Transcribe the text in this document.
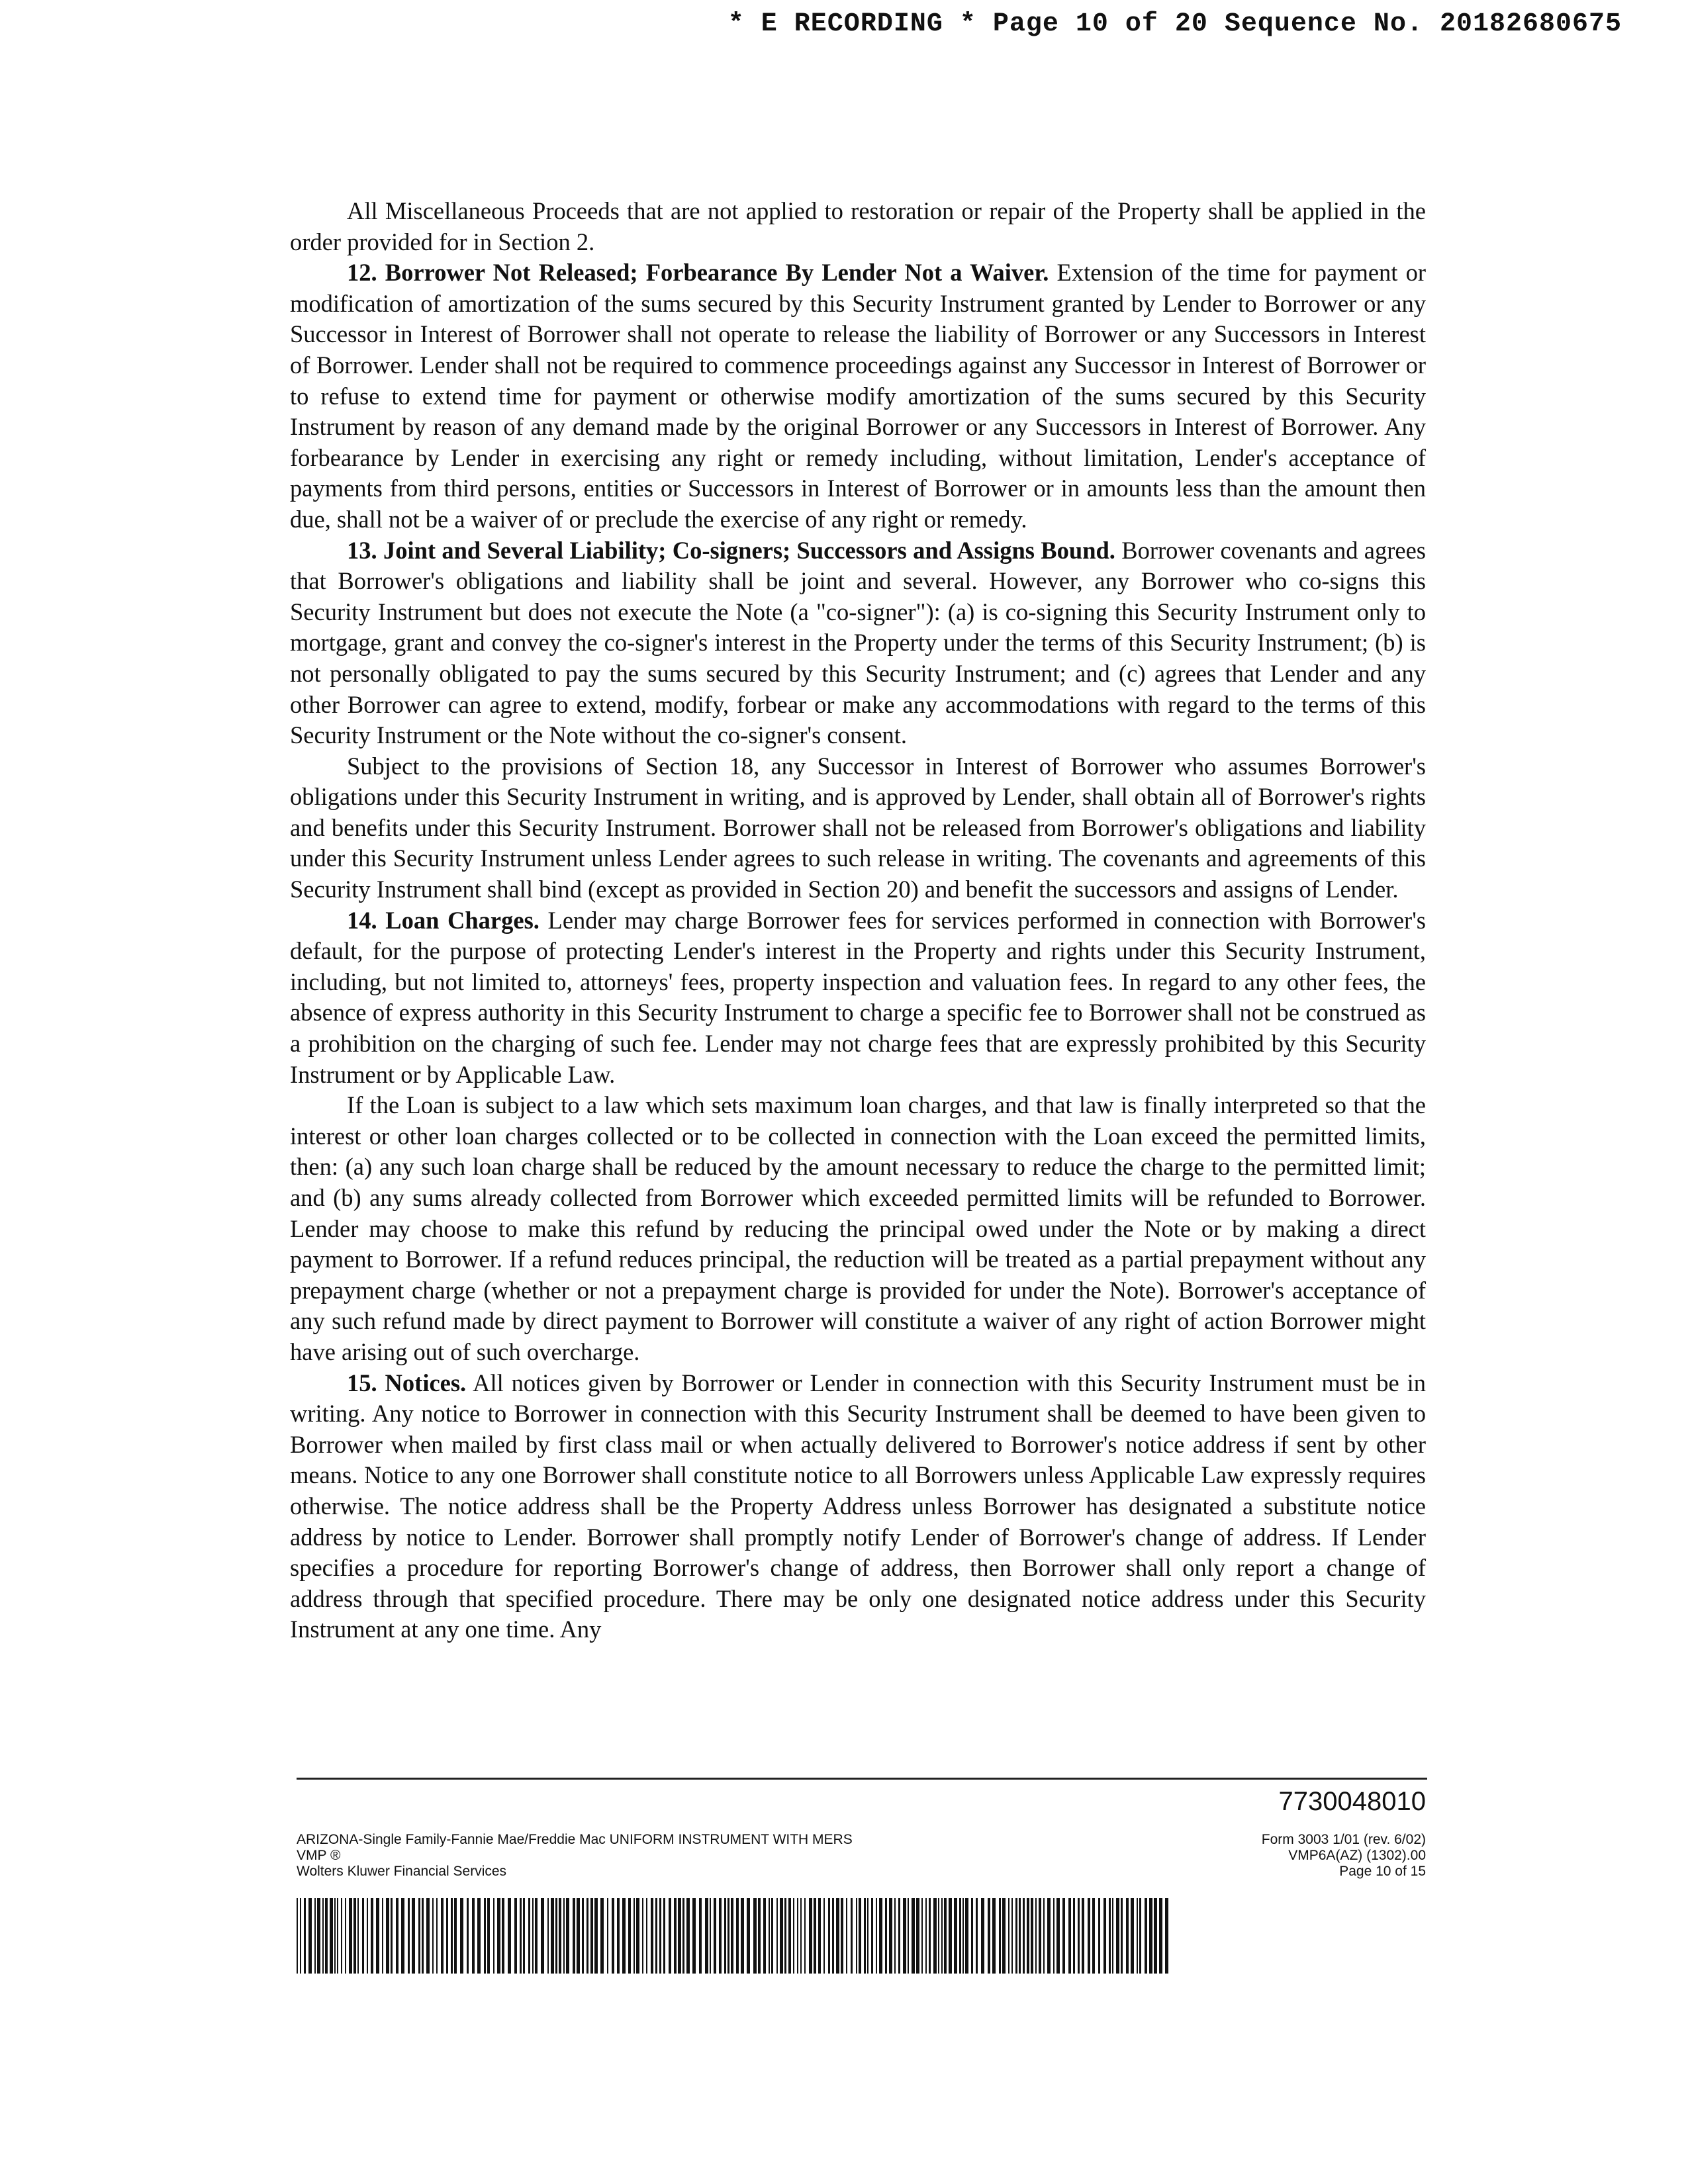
* E RECORDING * Page 10 of 20 Sequence No. 20182680675

All Miscellaneous Proceeds that are not applied to restoration or repair of the Property shall be applied in the order provided for in Section 2.

12. Borrower Not Released; Forbearance By Lender Not a Waiver. Extension of the time for payment or modification of amortization of the sums secured by this Security Instrument granted by Lender to Borrower or any Successor in Interest of Borrower shall not operate to release the liability of Borrower or any Successors in Interest of Borrower. Lender shall not be required to commence proceedings against any Successor in Interest of Borrower or to refuse to extend time for payment or otherwise modify amortization of the sums secured by this Security Instrument by reason of any demand made by the original Borrower or any Successors in Interest of Borrower. Any forbearance by Lender in exercising any right or remedy including, without limitation, Lender's acceptance of payments from third persons, entities or Successors in Interest of Borrower or in amounts less than the amount then due, shall not be a waiver of or preclude the exercise of any right or remedy.

13. Joint and Several Liability; Co-signers; Successors and Assigns Bound. Borrower covenants and agrees that Borrower's obligations and liability shall be joint and several. However, any Borrower who co-signs this Security Instrument but does not execute the Note (a "co-signer"): (a) is co-signing this Security Instrument only to mortgage, grant and convey the co-signer's interest in the Property under the terms of this Security Instrument; (b) is not personally obligated to pay the sums secured by this Security Instrument; and (c) agrees that Lender and any other Borrower can agree to extend, modify, forbear or make any accommodations with regard to the terms of this Security Instrument or the Note without the co-signer's consent.

Subject to the provisions of Section 18, any Successor in Interest of Borrower who assumes Borrower's obligations under this Security Instrument in writing, and is approved by Lender, shall obtain all of Borrower's rights and benefits under this Security Instrument. Borrower shall not be released from Borrower's obligations and liability under this Security Instrument unless Lender agrees to such release in writing. The covenants and agreements of this Security Instrument shall bind (except as provided in Section 20) and benefit the successors and assigns of Lender.

14. Loan Charges. Lender may charge Borrower fees for services performed in connection with Borrower's default, for the purpose of protecting Lender's interest in the Property and rights under this Security Instrument, including, but not limited to, attorneys' fees, property inspection and valuation fees. In regard to any other fees, the absence of express authority in this Security Instrument to charge a specific fee to Borrower shall not be construed as a prohibition on the charging of such fee. Lender may not charge fees that are expressly prohibited by this Security Instrument or by Applicable Law.

If the Loan is subject to a law which sets maximum loan charges, and that law is finally interpreted so that the interest or other loan charges collected or to be collected in connection with the Loan exceed the permitted limits, then: (a) any such loan charge shall be reduced by the amount necessary to reduce the charge to the permitted limit; and (b) any sums already collected from Borrower which exceeded permitted limits will be refunded to Borrower. Lender may choose to make this refund by reducing the principal owed under the Note or by making a direct payment to Borrower. If a refund reduces principal, the reduction will be treated as a partial prepayment without any prepayment charge (whether or not a prepayment charge is provided for under the Note). Borrower's acceptance of any such refund made by direct payment to Borrower will constitute a waiver of any right of action Borrower might have arising out of such overcharge.

15. Notices. All notices given by Borrower or Lender in connection with this Security Instrument must be in writing. Any notice to Borrower in connection with this Security Instrument shall be deemed to have been given to Borrower when mailed by first class mail or when actually delivered to Borrower's notice address if sent by other means. Notice to any one Borrower shall constitute notice to all Borrowers unless Applicable Law expressly requires otherwise. The notice address shall be the Property Address unless Borrower has designated a substitute notice address by notice to Lender. Borrower shall promptly notify Lender of Borrower's change of address. If Lender specifies a procedure for reporting Borrower's change of address, then Borrower shall only report a change of address through that specified procedure. There may be only one designated notice address under this Security Instrument at any one time. Any

7730048010
ARIZONA-Single Family-Fannie Mae/Freddie Mac UNIFORM INSTRUMENT WITH MERS
VMP ®
Wolters Kluwer Financial Services
Form 3003 1/01 (rev. 6/02)
VMP6A(AZ) (1302).00
Page 10 of 15
